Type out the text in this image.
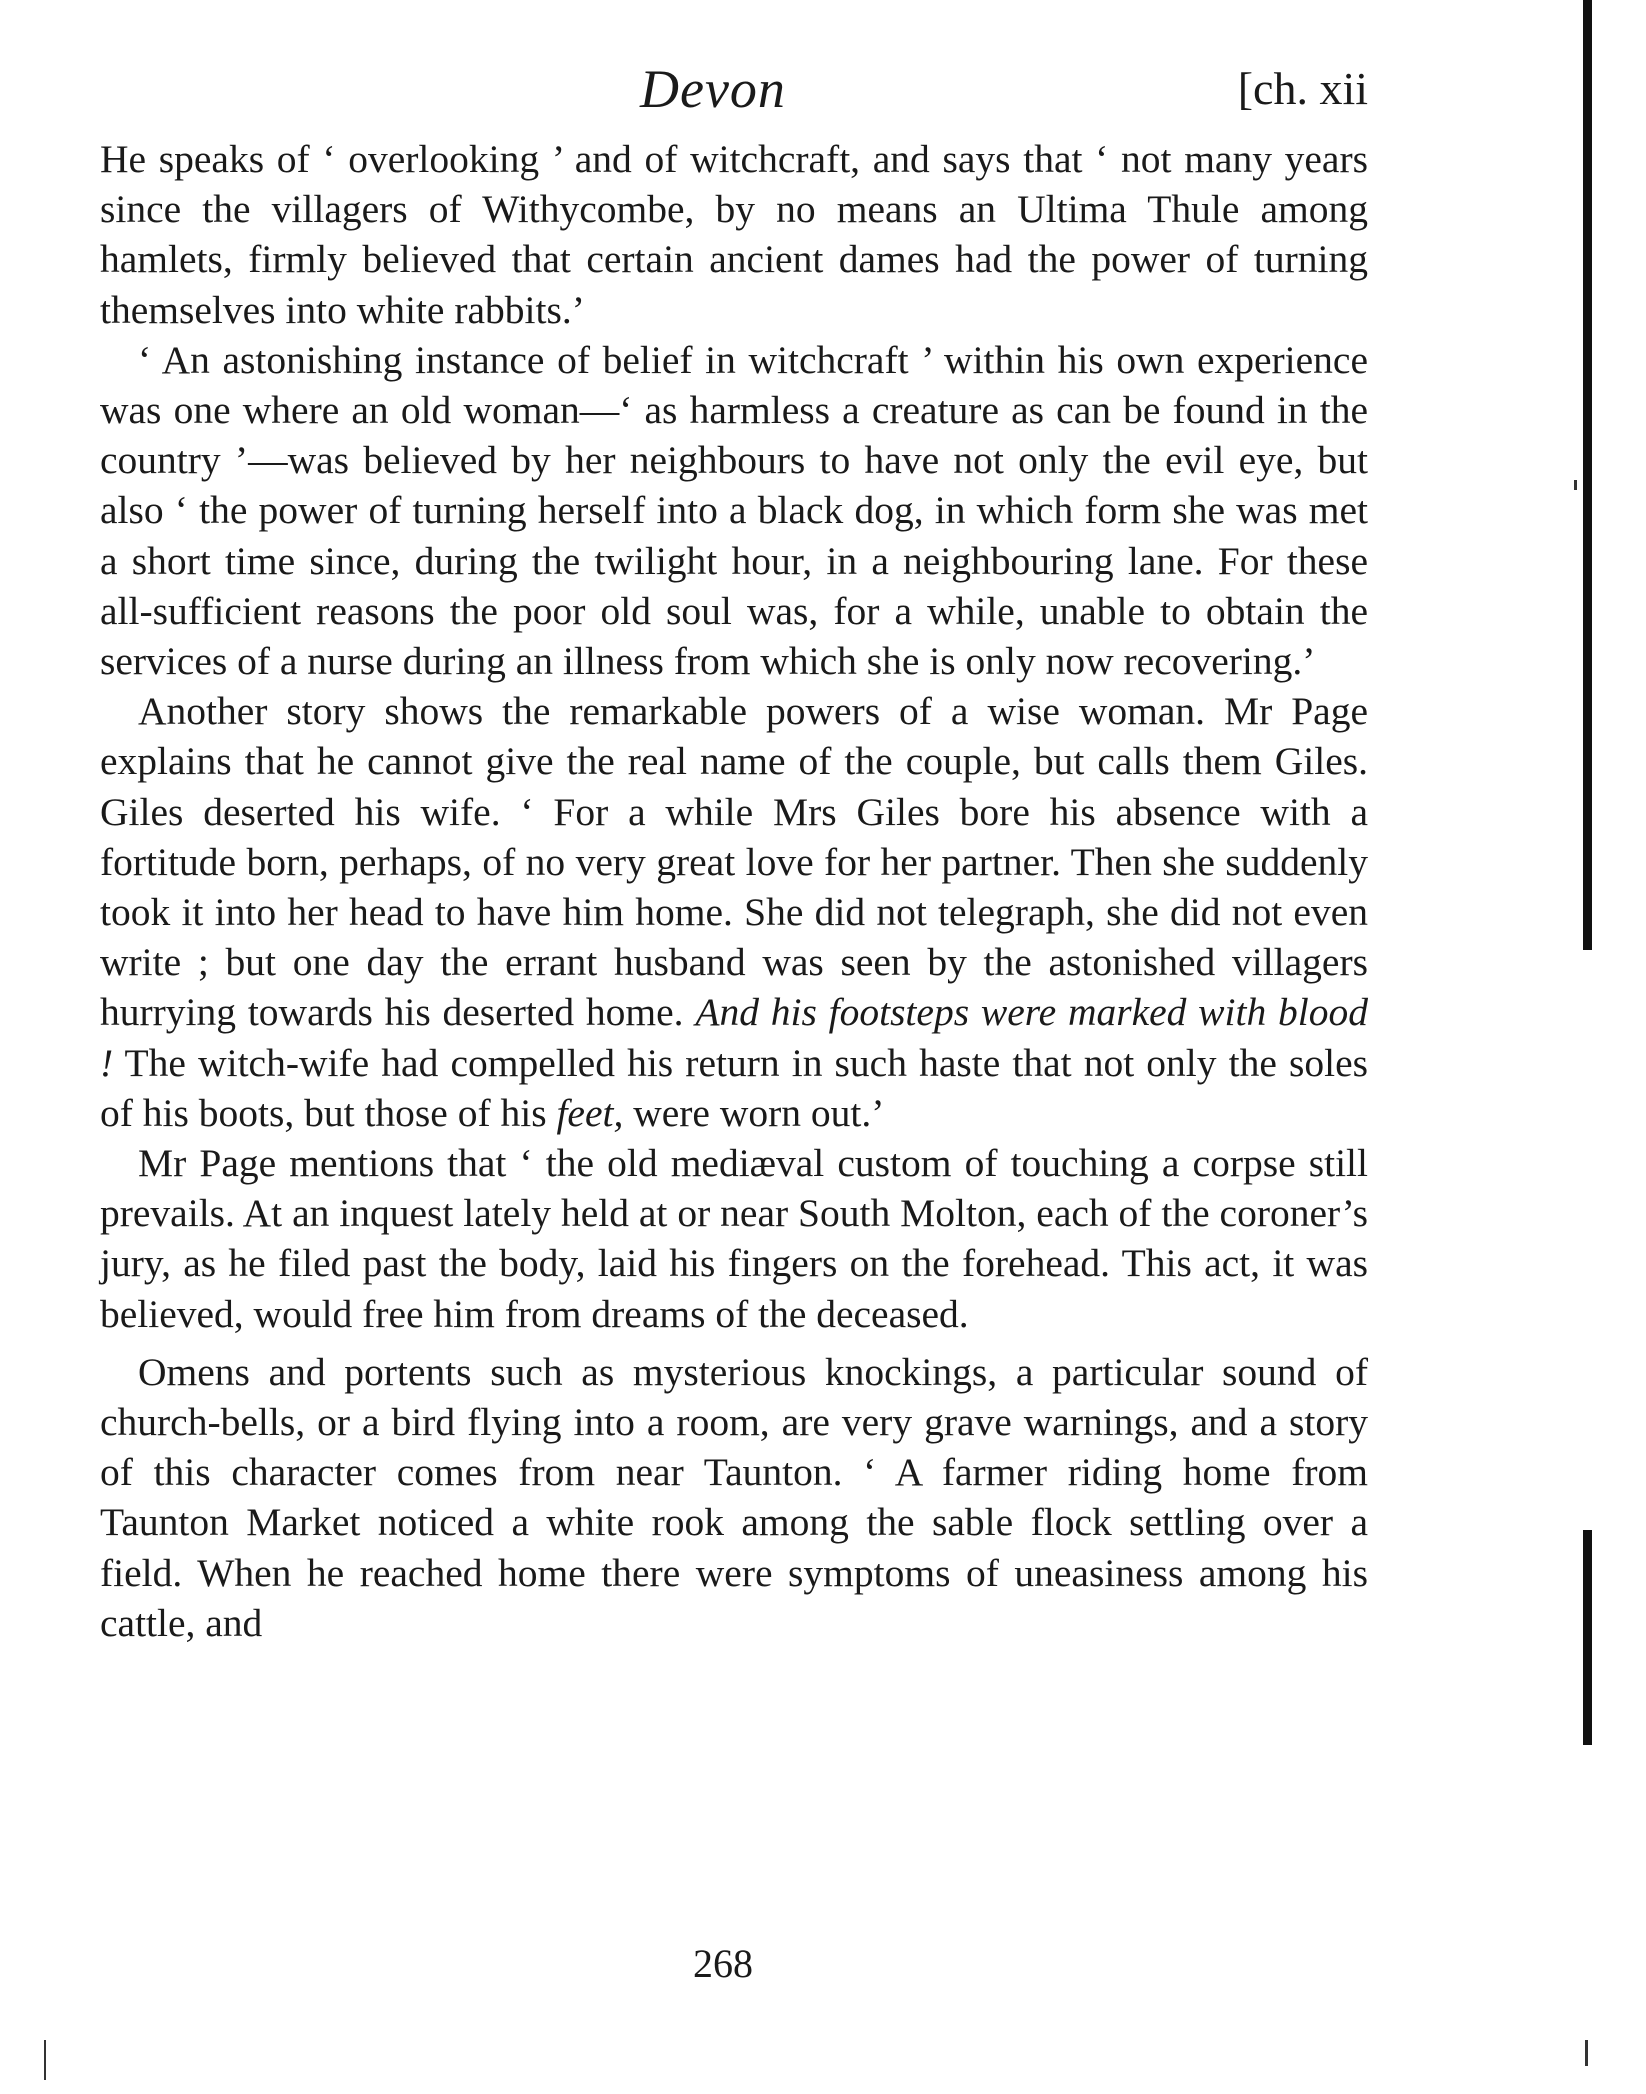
Devon	[ch. xii

He speaks of ‘ overlooking ’ and of witchcraft, and says that ‘ not many years since the villagers of Withycombe, by no means an Ultima Thule among hamlets, firmly believed that certain ancient dames had the power of turning themselves into white rabbits.’

‘ An astonishing instance of belief in witchcraft ’ within his own experience was one where an old woman—‘ as harmless a creature as can be found in the country ’—was believed by her neighbours to have not only the evil eye, but also ‘ the power of turning herself into a black dog, in which form she was met a short time since, during the twilight hour, in a neighbouring lane. For these all-sufficient reasons the poor old soul was, for a while, unable to obtain the services of a nurse during an illness from which she is only now recovering.’

Another story shows the remarkable powers of a wise woman. Mr Page explains that he cannot give the real name of the couple, but calls them Giles. Giles deserted his wife. ‘ For a while Mrs Giles bore his absence with a fortitude born, perhaps, of no very great love for her partner. Then she suddenly took it into her head to have him home. She did not telegraph, she did not even write ; but one day the errant husband was seen by the astonished villagers hurrying towards his deserted home. And his footsteps were marked with blood ! The witch-wife had compelled his return in such haste that not only the soles of his boots, but those of his feet, were worn out.’

Mr Page mentions that ‘ the old mediæval custom of touching a corpse still prevails. At an inquest lately held at or near South Molton, each of the coroner’s jury, as he filed past the body, laid his fingers on the forehead. This act, it was believed, would free him from dreams of the deceased.

Omens and portents such as mysterious knockings, a particular sound of church-bells, or a bird flying into a room, are very grave warnings, and a story of this character comes from near Taunton. ‘ A farmer riding home from Taunton Market noticed a white rook among the sable flock settling over a field. When he reached home there were symptoms of uneasiness among his cattle, and

268
